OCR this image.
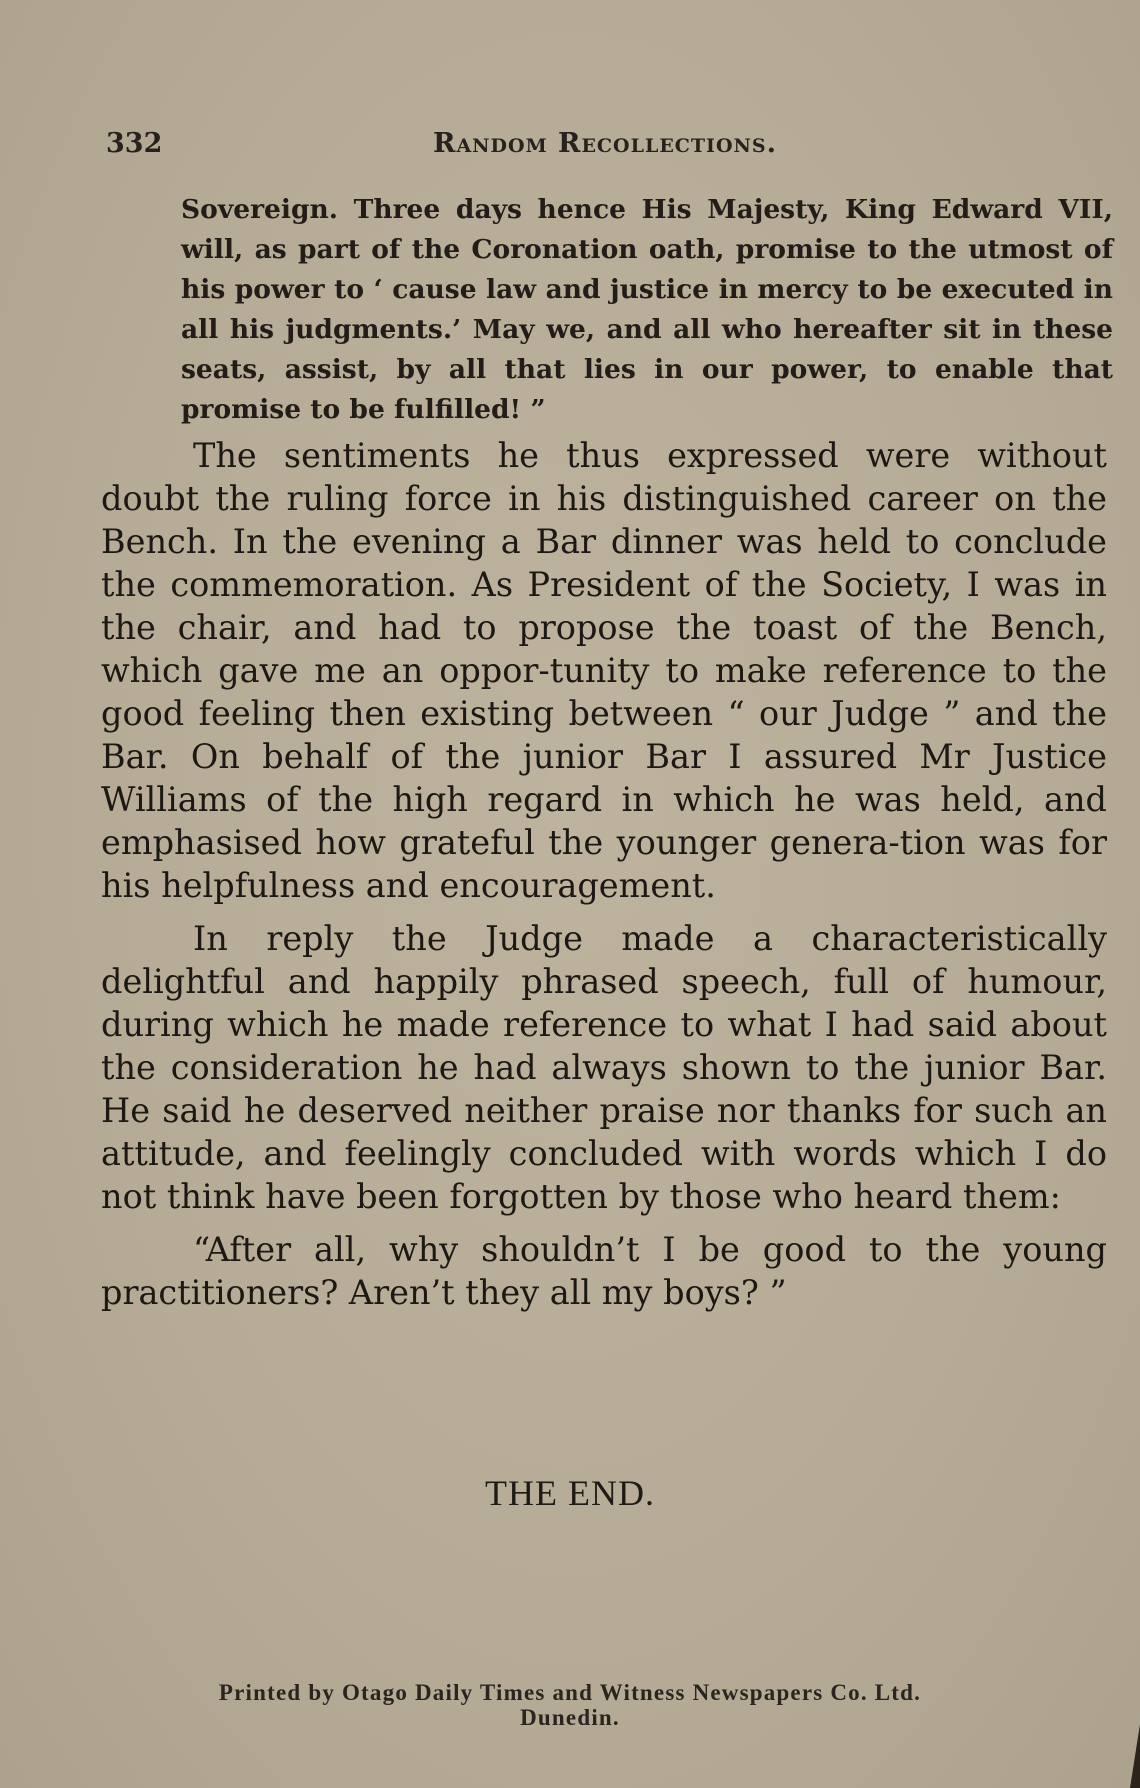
332	Random Recollections.
Sovereign. Three days hence His Majesty, King Edward VII, will, as part of the Coronation oath, promise to the utmost of his power to ‘ cause law and justice in mercy to be executed in all his judgments.’ May we, and all who hereafter sit in these seats, assist, by all that lies in our power, to enable that promise to be fulfilled! ”

The sentiments he thus expressed were without doubt the ruling force in his distinguished career on the Bench. In the evening a Bar dinner was held to conclude the commemoration. As President of the Society, I was in the chair, and had to propose the toast of the Bench, which gave me an oppor-tunity to make reference to the good feeling then existing between “ our Judge ” and the Bar. On behalf of the junior Bar I assured Mr Justice Williams of the high regard in which he was held, and emphasised how grateful the younger genera-tion was for his helpfulness and encouragement.

In reply the Judge made a characteristically delightful and happily phrased speech, full of humour, during which he made reference to what I had said about the consideration he had always shown to the junior Bar. He said he deserved neither praise nor thanks for such an attitude, and feelingly concluded with words which I do not think have been forgotten by those who heard them:

“After all, why shouldn’t I be good to the young practitioners? Aren’t they all my boys? ”

THE END.
Printed by Otago Daily Times and Witness Newspapers Co. Ltd.
Dunedin.
